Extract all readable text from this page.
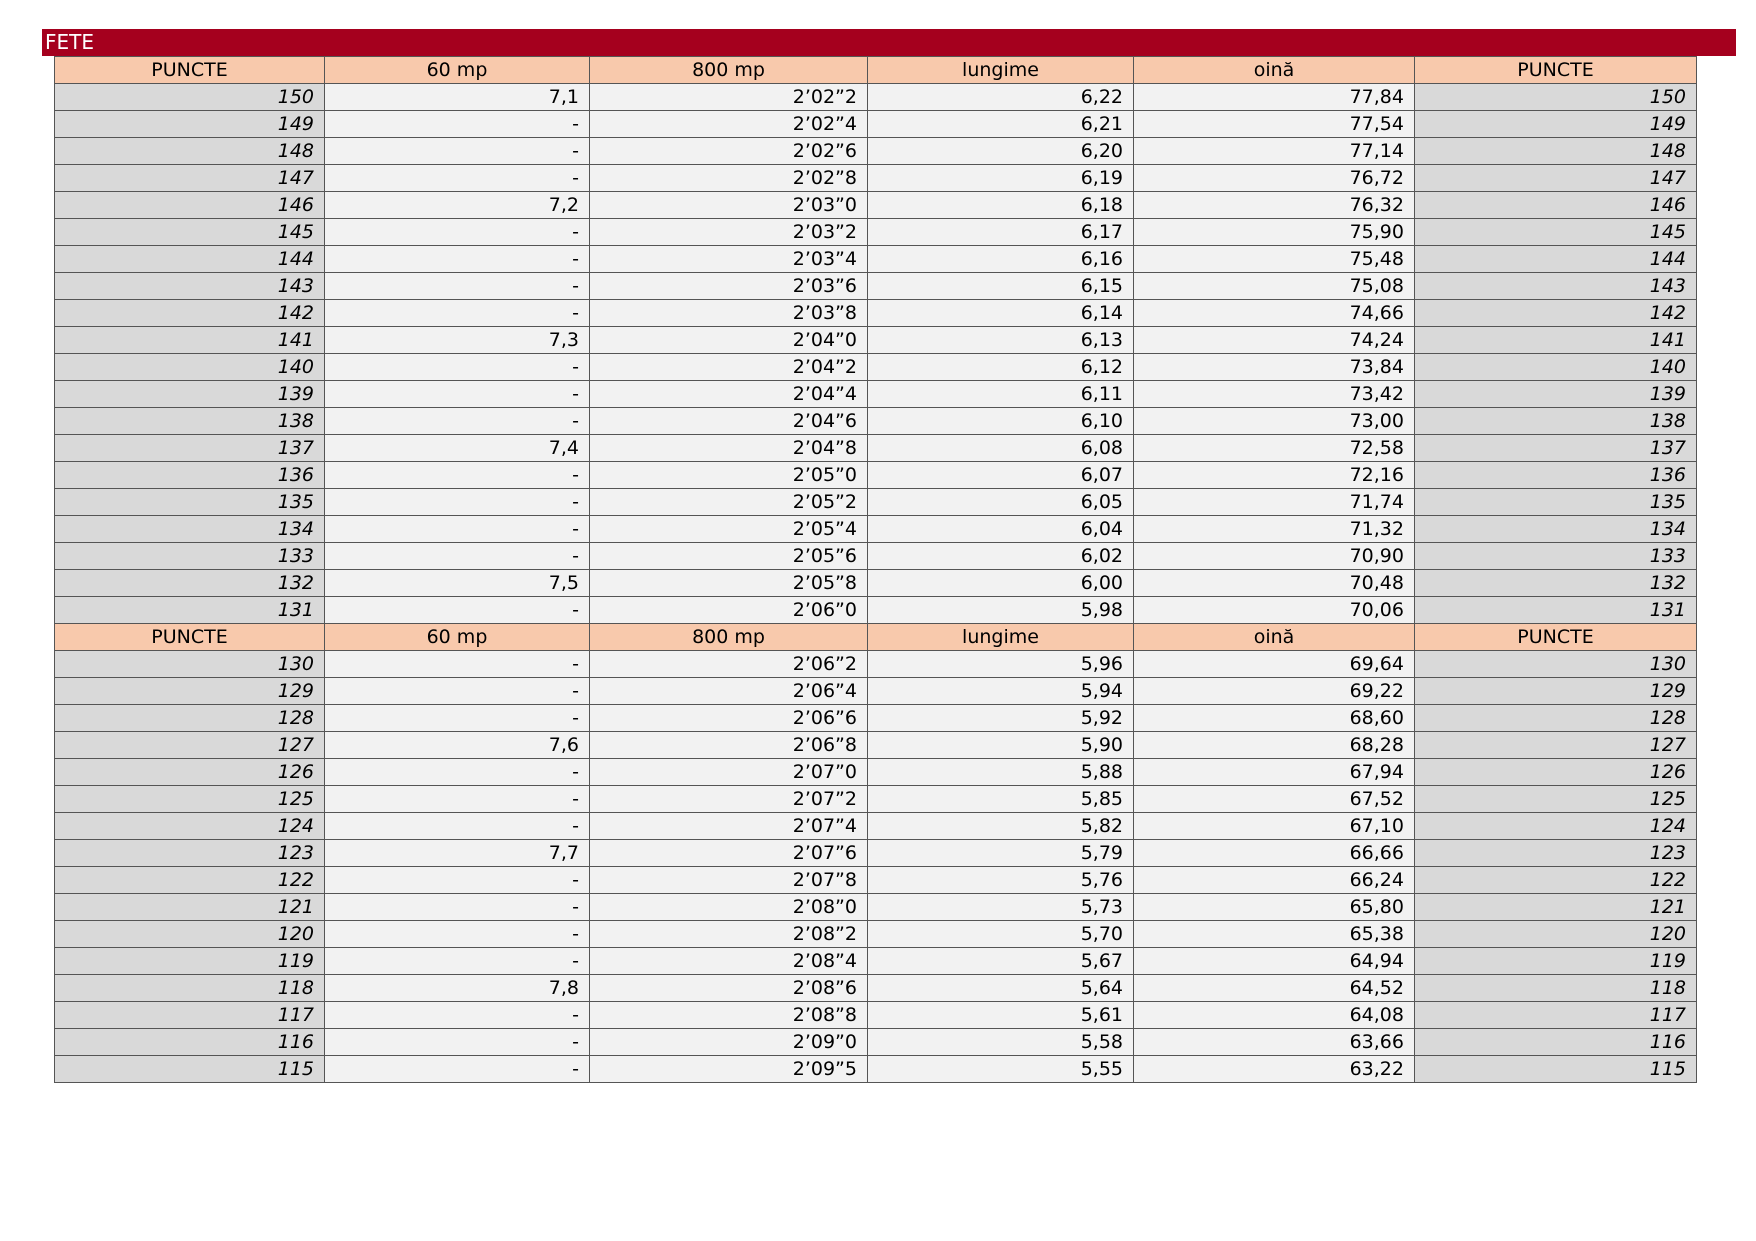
FETE
PUNCTE	60 mp	800 mp	lungime	oină	PUNCTE
150	7,1	2’02”2	6,22	77,84	150
149	-	2’02”4	6,21	77,54	149
148	-	2’02”6	6,20	77,14	148
147	-	2’02”8	6,19	76,72	147
146	7,2	2’03”0	6,18	76,32	146
145	-	2’03”2	6,17	75,90	145
144	-	2’03”4	6,16	75,48	144
143	-	2’03”6	6,15	75,08	143
142	-	2’03”8	6,14	74,66	142
141	7,3	2’04”0	6,13	74,24	141
140	-	2’04”2	6,12	73,84	140
139	-	2’04”4	6,11	73,42	139
138	-	2’04”6	6,10	73,00	138
137	7,4	2’04”8	6,08	72,58	137
136	-	2’05”0	6,07	72,16	136
135	-	2’05”2	6,05	71,74	135
134	-	2’05”4	6,04	71,32	134
133	-	2’05”6	6,02	70,90	133
132	7,5	2’05”8	6,00	70,48	132
131	-	2’06”0	5,98	70,06	131
PUNCTE	60 mp	800 mp	lungime	oină	PUNCTE
130	-	2’06”2	5,96	69,64	130
129	-	2’06”4	5,94	69,22	129
128	-	2’06”6	5,92	68,60	128
127	7,6	2’06”8	5,90	68,28	127
126	-	2’07”0	5,88	67,94	126
125	-	2’07”2	5,85	67,52	125
124	-	2’07”4	5,82	67,10	124
123	7,7	2’07”6	5,79	66,66	123
122	-	2’07”8	5,76	66,24	122
121	-	2’08”0	5,73	65,80	121
120	-	2’08”2	5,70	65,38	120
119	-	2’08”4	5,67	64,94	119
118	7,8	2’08”6	5,64	64,52	118
117	-	2’08”8	5,61	64,08	117
116	-	2’09”0	5,58	63,66	116
115	-	2’09”5	5,55	63,22	115
